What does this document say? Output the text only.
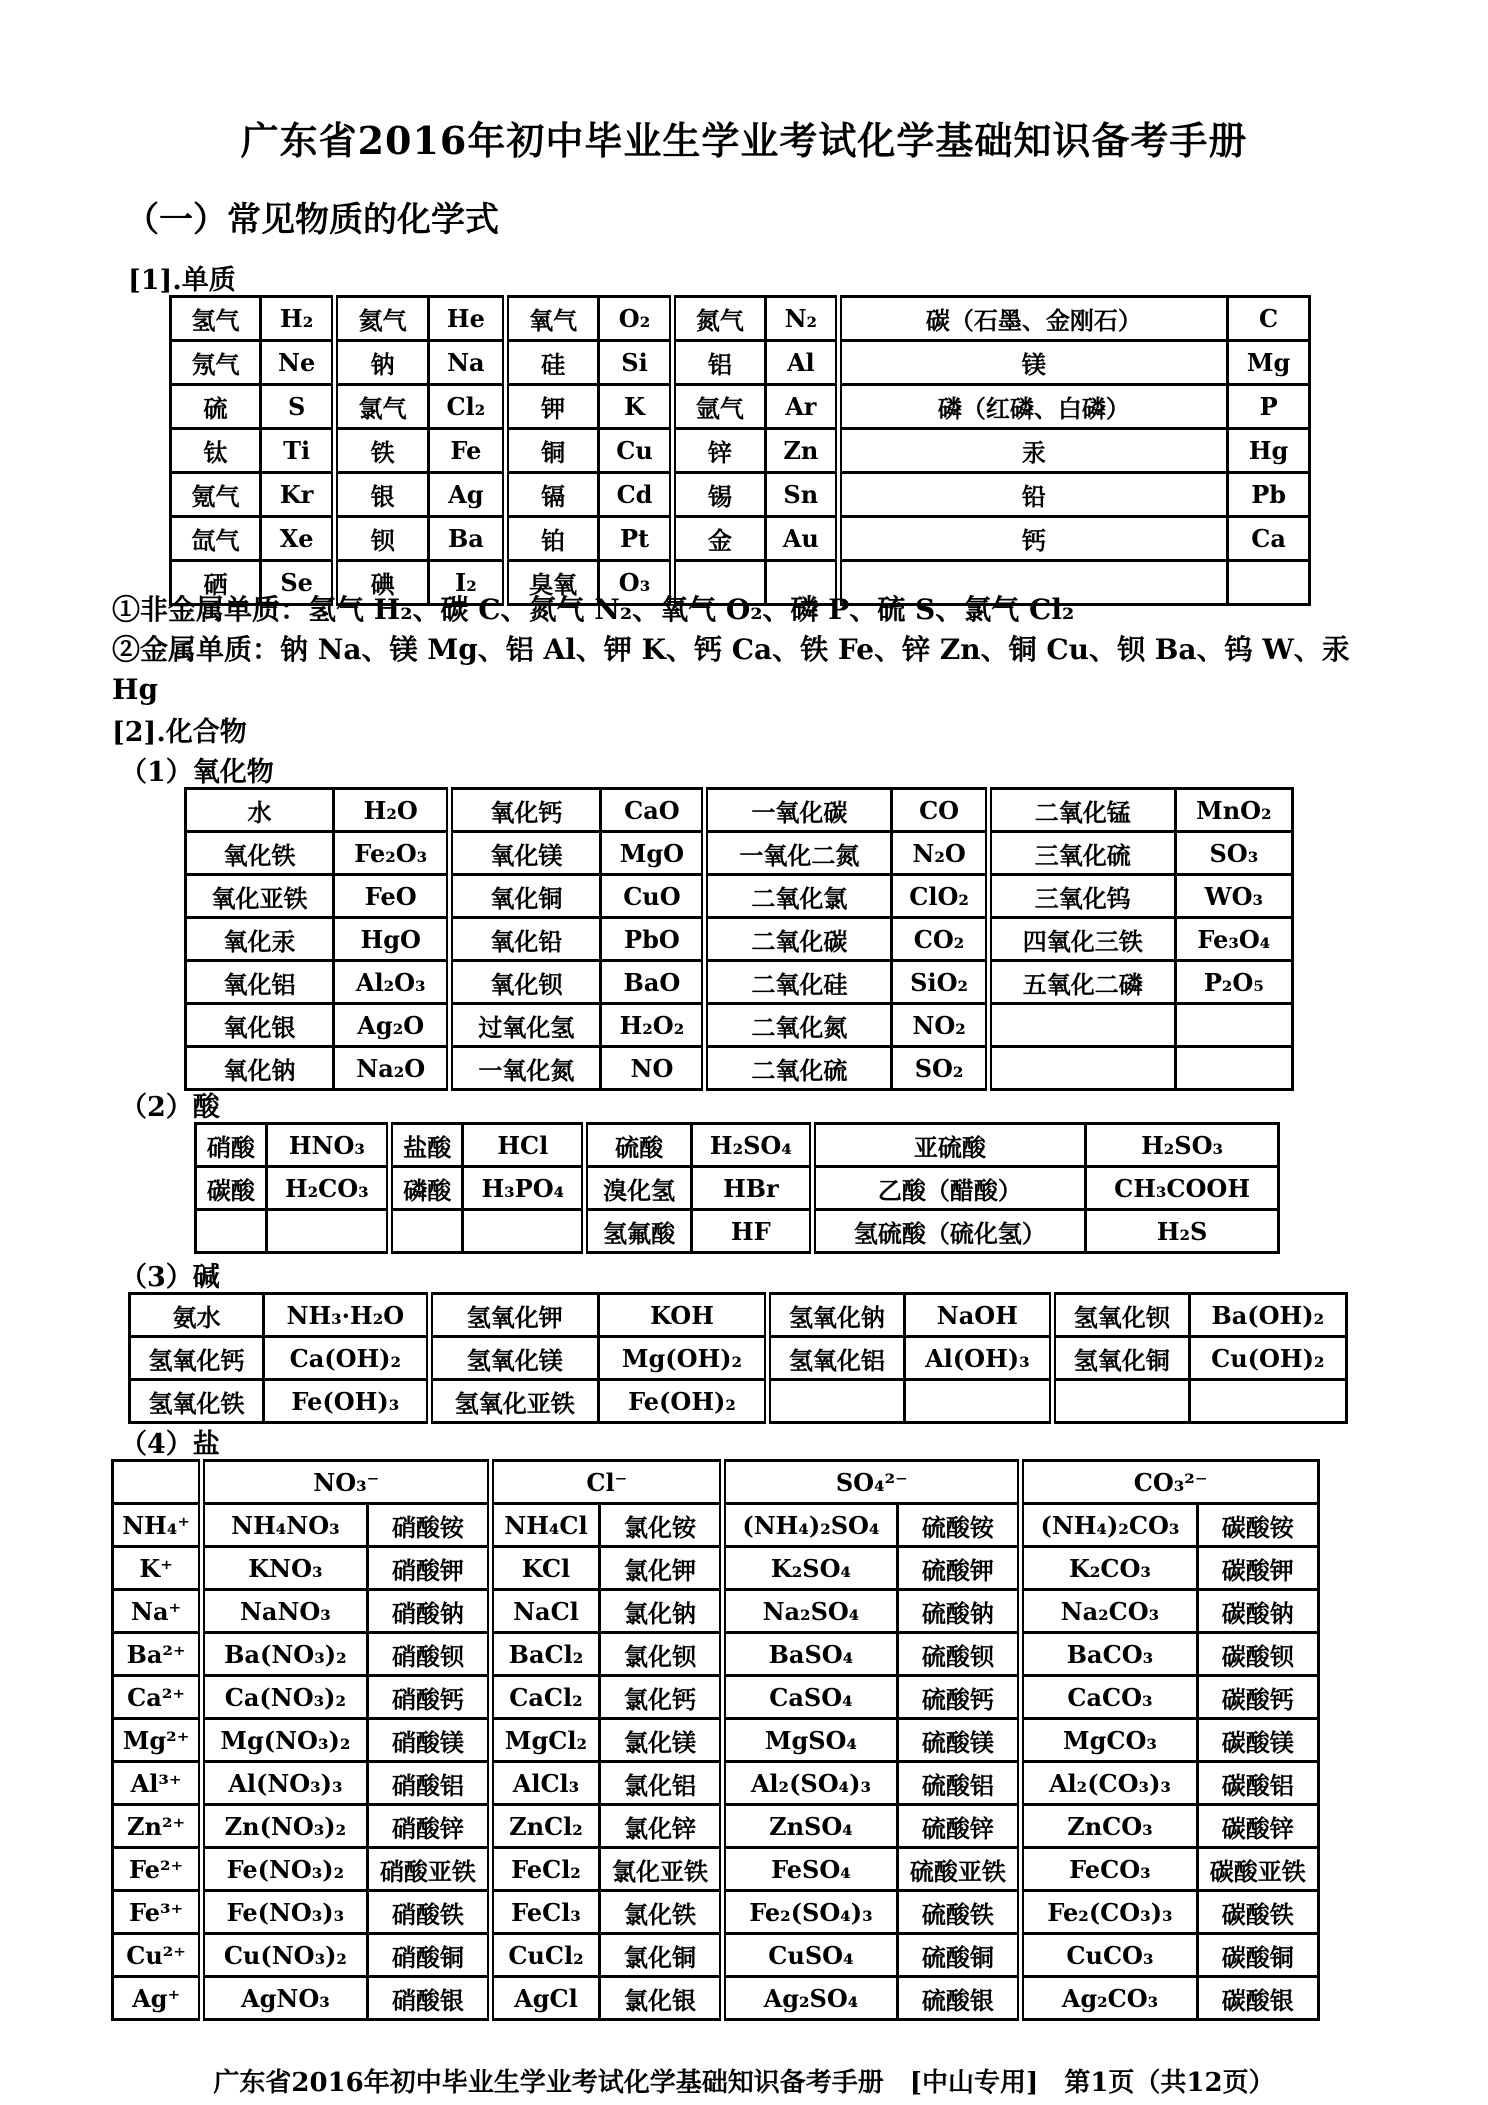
广东省2016年初中毕业生学业考试化学基础知识备考手册
（一）常见物质的化学式
[1].单质
氢气	H₂	氦气	He	氧气	O₂	氮气	N₂	碳（石墨、金刚石）	C
氖气	Ne	钠	Na	硅	Si	铝	Al	镁	Mg
硫	S	氯气	Cl₂	钾	K	氩气	Ar	磷（红磷、白磷）	P
钛	Ti	铁	Fe	铜	Cu	锌	Zn	汞	Hg
氪气	Kr	银	Ag	镉	Cd	锡	Sn	铅	Pb
氙气	Xe	钡	Ba	铂	Pt	金	Au	钙	Ca
硒	Se	碘	I₂	臭氧	O₃				
①非金属单质：氢气 H₂、碳 C、氮气 N₂、氧气 O₂、磷 P、硫 S、氯气 Cl₂
②金属单质：钠 Na、镁 Mg、铝 Al、钾 K、钙 Ca、铁 Fe、锌 Zn、铜 Cu、钡 Ba、钨 W、汞 Hg
[2].化合物
（1）氧化物
水	H₂O	氧化钙	CaO	一氧化碳	CO	二氧化锰	MnO₂
氧化铁	Fe₂O₃	氧化镁	MgO	一氧化二氮	N₂O	三氧化硫	SO₃
氧化亚铁	FeO	氧化铜	CuO	二氧化氯	ClO₂	三氧化钨	WO₃
氧化汞	HgO	氧化铅	PbO	二氧化碳	CO₂	四氧化三铁	Fe₃O₄
氧化铝	Al₂O₃	氧化钡	BaO	二氧化硅	SiO₂	五氧化二磷	P₂O₅
氧化银	Ag₂O	过氧化氢	H₂O₂	二氧化氮	NO₂		
氧化钠	Na₂O	一氧化氮	NO	二氧化硫	SO₂		
（2）酸
硝酸	HNO₃	盐酸	HCl	硫酸	H₂SO₄	亚硫酸	H₂SO₃
碳酸	H₂CO₃	磷酸	H₃PO₄	溴化氢	HBr	乙酸（醋酸）	CH₃COOH
				氢氟酸	HF	氢硫酸（硫化氢）	H₂S
（3）碱
氨水	NH₃·H₂O	氢氧化钾	KOH	氢氧化钠	NaOH	氢氧化钡	Ba(OH)₂
氢氧化钙	Ca(OH)₂	氢氧化镁	Mg(OH)₂	氢氧化铝	Al(OH)₃	氢氧化铜	Cu(OH)₂
氢氧化铁	Fe(OH)₃	氢氧化亚铁	Fe(OH)₂				
（4）盐
	NO₃⁻		Cl⁻		SO₄²⁻		CO₃²⁻	
NH₄⁺	NH₄NO₃	硝酸铵	NH₄Cl	氯化铵	(NH₄)₂SO₄	硫酸铵	(NH₄)₂CO₃	碳酸铵
K⁺	KNO₃	硝酸钾	KCl	氯化钾	K₂SO₄	硫酸钾	K₂CO₃	碳酸钾
Na⁺	NaNO₃	硝酸钠	NaCl	氯化钠	Na₂SO₄	硫酸钠	Na₂CO₃	碳酸钠
Ba²⁺	Ba(NO₃)₂	硝酸钡	BaCl₂	氯化钡	BaSO₄	硫酸钡	BaCO₃	碳酸钡
Ca²⁺	Ca(NO₃)₂	硝酸钙	CaCl₂	氯化钙	CaSO₄	硫酸钙	CaCO₃	碳酸钙
Mg²⁺	Mg(NO₃)₂	硝酸镁	MgCl₂	氯化镁	MgSO₄	硫酸镁	MgCO₃	碳酸镁
Al³⁺	Al(NO₃)₃	硝酸铝	AlCl₃	氯化铝	Al₂(SO₄)₃	硫酸铝	Al₂(CO₃)₃	碳酸铝
Zn²⁺	Zn(NO₃)₂	硝酸锌	ZnCl₂	氯化锌	ZnSO₄	硫酸锌	ZnCO₃	碳酸锌
Fe²⁺	Fe(NO₃)₂	硝酸亚铁	FeCl₂	氯化亚铁	FeSO₄	硫酸亚铁	FeCO₃	碳酸亚铁
Fe³⁺	Fe(NO₃)₃	硝酸铁	FeCl₃	氯化铁	Fe₂(SO₄)₃	硫酸铁	Fe₂(CO₃)₃	碳酸铁
Cu²⁺	Cu(NO₃)₂	硝酸铜	CuCl₂	氯化铜	CuSO₄	硫酸铜	CuCO₃	碳酸铜
Ag⁺	AgNO₃	硝酸银	AgCl	氯化银	Ag₂SO₄	硫酸银	Ag₂CO₃	碳酸银
广东省2016年初中毕业生学业考试化学基础知识备考手册　[中山专用]　第1页（共12页）
